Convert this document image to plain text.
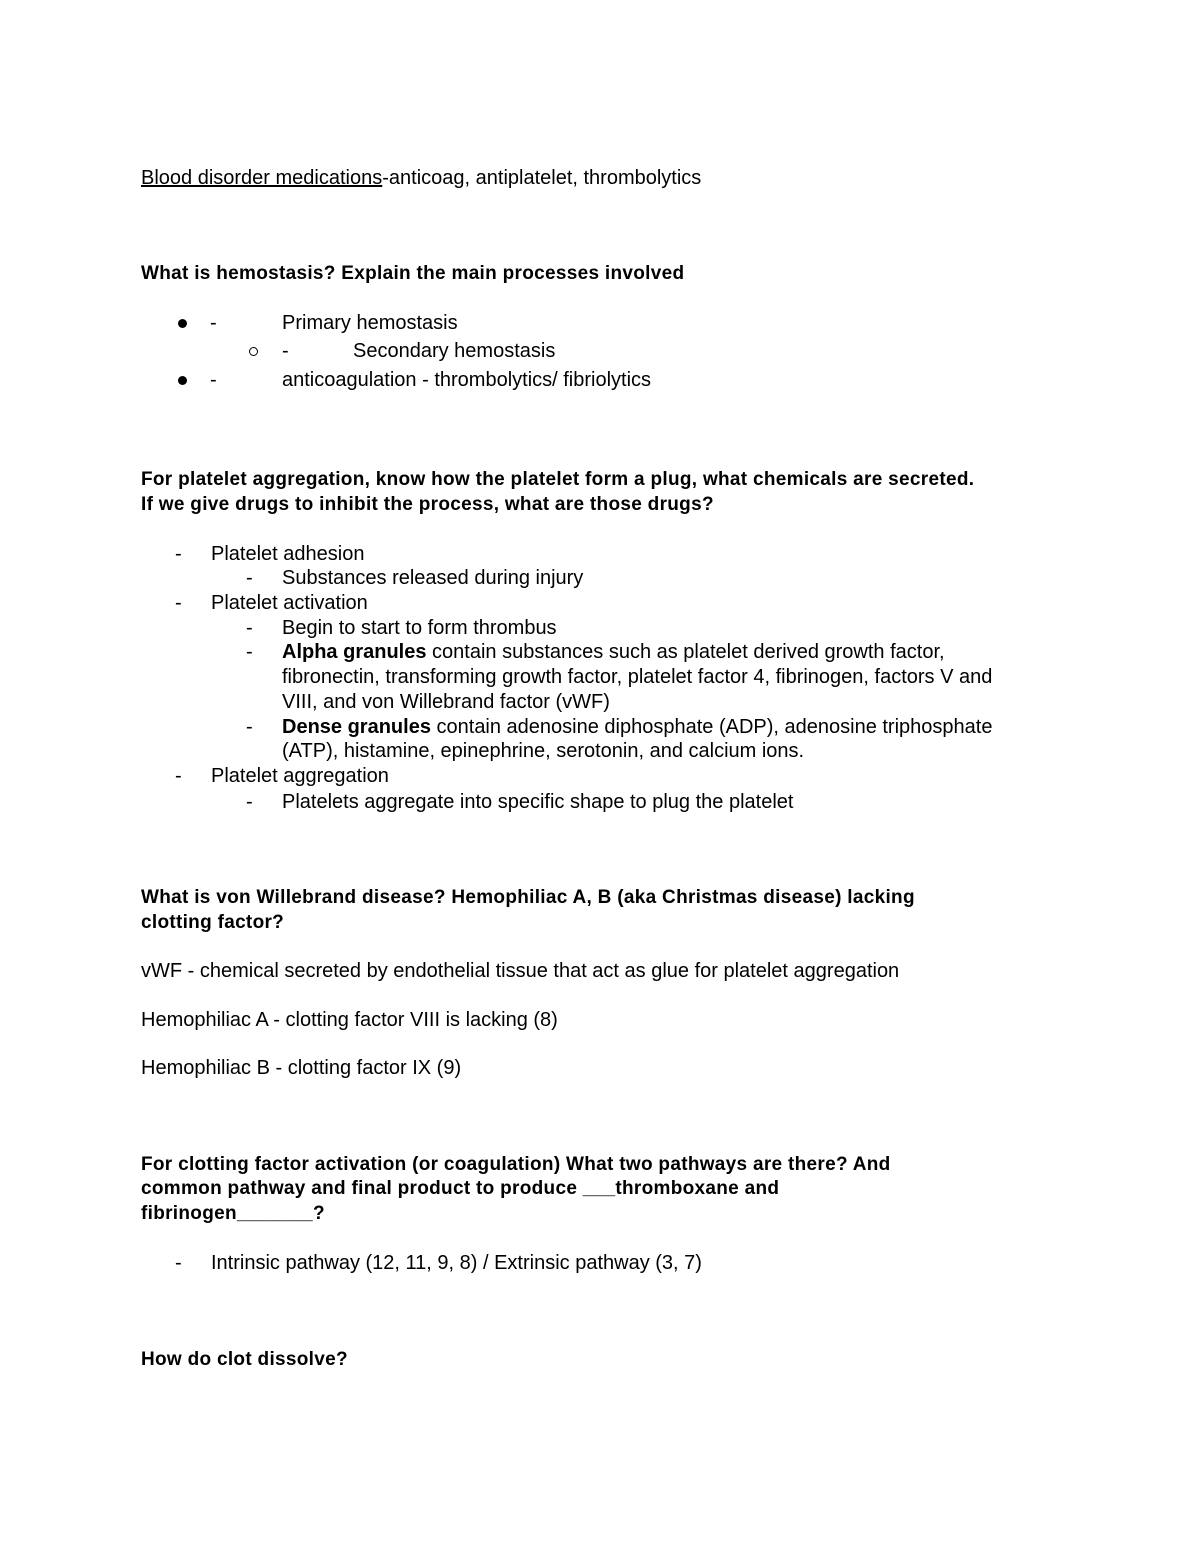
Blood disorder medications-anticoag, antiplatelet, thrombolytics
What is hemostasis? Explain the main processes involved
-	Primary hemostasis
-	Secondary hemostasis
-	anticoagulation - thrombolytics/ fibriolytics
For platelet aggregation, know how the platelet form a plug, what chemicals are secreted.
If we give drugs to inhibit the process, what are those drugs?
- Platelet adhesion
- Substances released during injury
- Platelet activation
- Begin to start to form thrombus
- Alpha granules contain substances such as platelet derived growth factor,
fibronectin, transforming growth factor, platelet factor 4, fibrinogen, factors V and
VIII, and von Willebrand factor (vWF)
- Dense granules contain adenosine diphosphate (ADP), adenosine triphosphate
(ATP), histamine, epinephrine, serotonin, and calcium ions.
- Platelet aggregation
- Platelets aggregate into specific shape to plug the platelet
What is von Willebrand disease? Hemophiliac A, B (aka Christmas disease) lacking
clotting factor?
vWF - chemical secreted by endothelial tissue that act as glue for platelet aggregation
Hemophiliac A - clotting factor VIII is lacking (8)
Hemophiliac B - clotting factor IX (9)
For clotting factor activation (or coagulation) What two pathways are there? And
common pathway and final product to produce ___thromboxane and
fibrinogen_______?
- Intrinsic pathway (12, 11, 9, 8) / Extrinsic pathway (3, 7)
How do clot dissolve?
